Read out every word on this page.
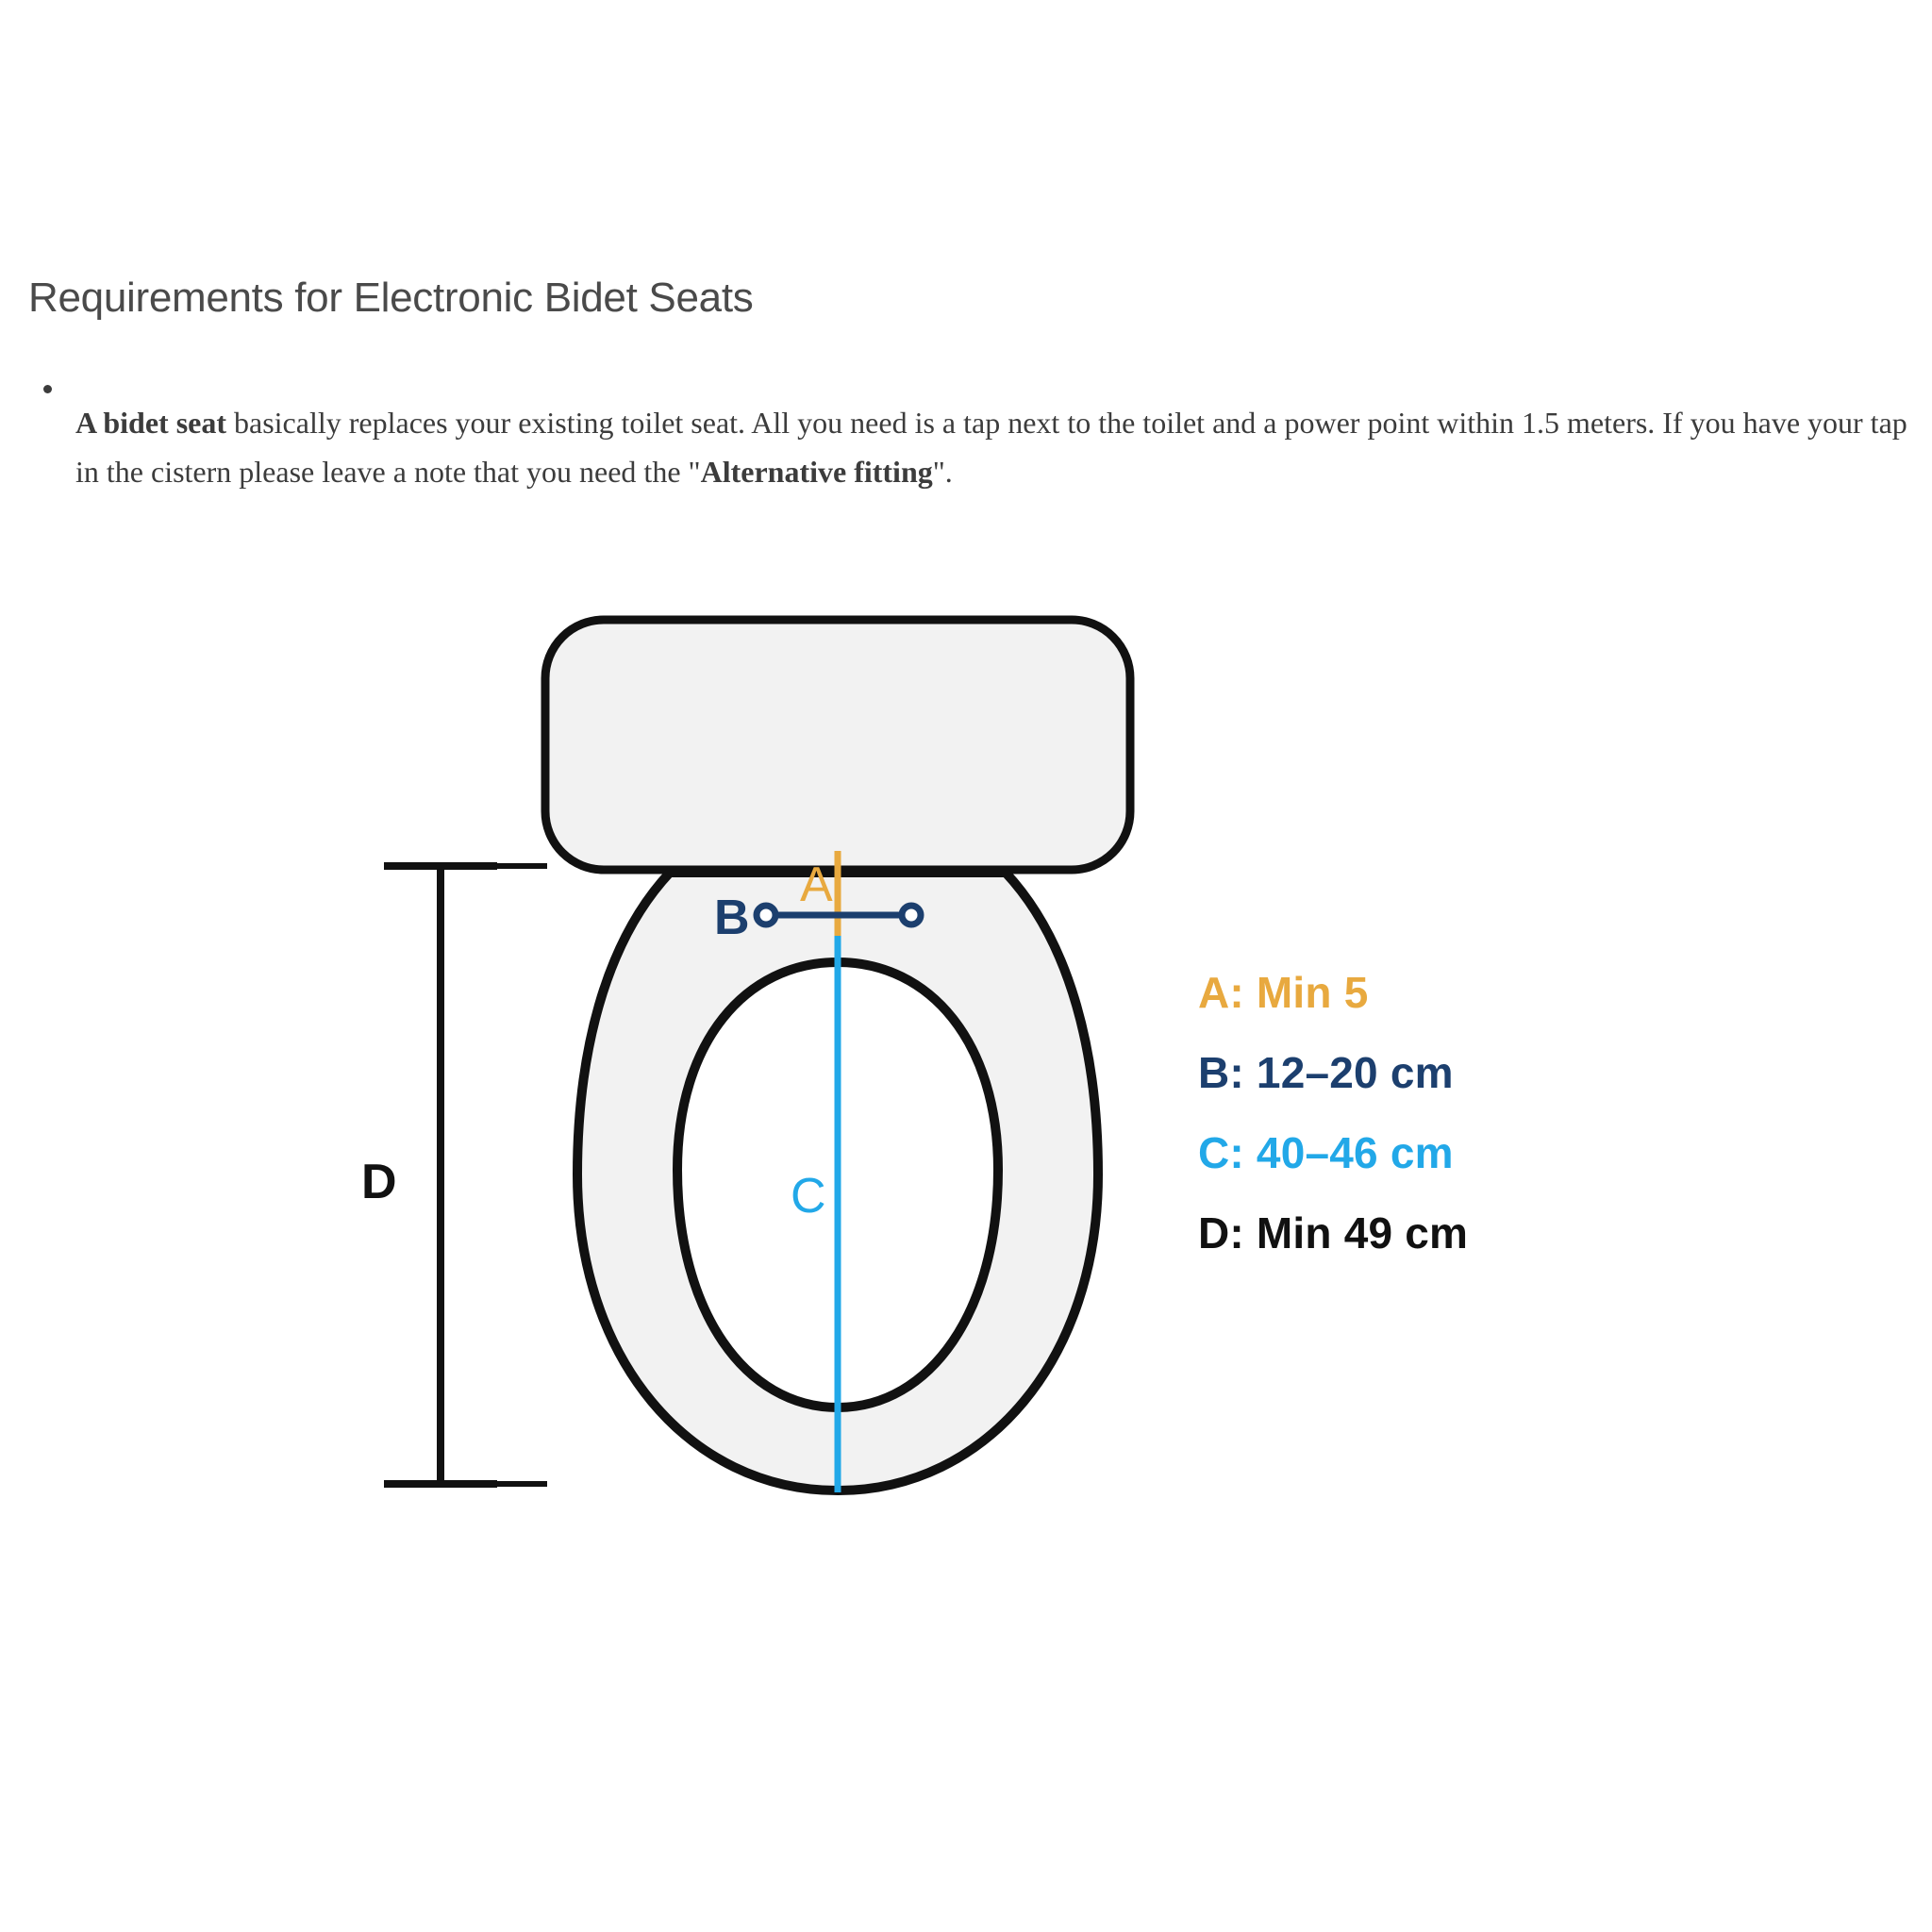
Requirements for Electronic Bidet Seats

A bidet seat basically replaces your existing toilet seat. All you need is a tap next to the toilet and a power point within 1.5 meters. If you have your tap in the cistern please leave a note that you need the "Alternative fitting".

A
B
C
D
A: Min 5
B: 12–20 cm
C: 40–46 cm
D: Min 49 cm
